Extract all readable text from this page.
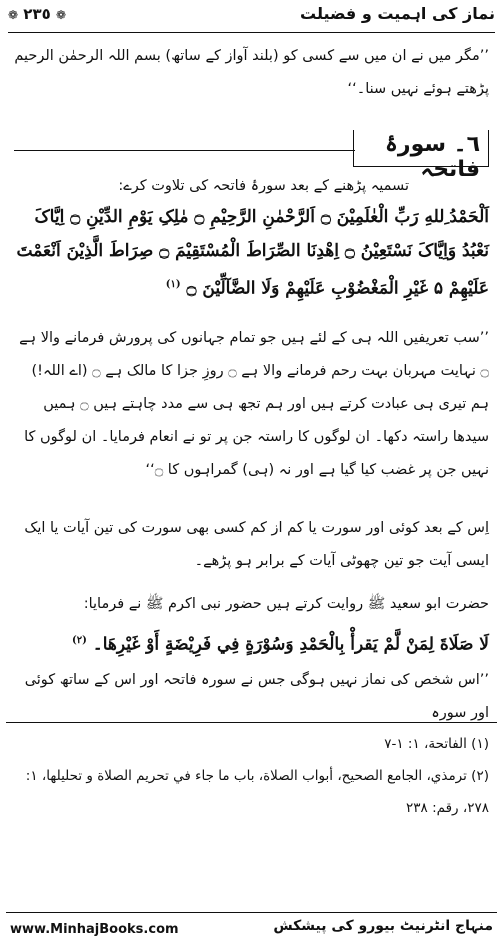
❁ ٢٣٥ ❁	نماز کی اہمیت و فضیلت
’’مگر میں نے ان میں سے کسی کو (بلند آواز کے ساتھ) بسم اللہ الرحمٰن الرحیم پڑھتے ہوئے نہیں سنا۔‘‘
٦۔ سورۂ فاتحہ
تسمیہ پڑھنے کے بعد سورۂ فاتحہ کی تلاوت کرے:
اَلْحَمْدُ ِللهِ رَبِّ الْعٰلَمِیْنَ ۝ اَلرَّحْمٰنِ الرَّحِیْمِ ۝ مٰلِکِ یَوْمِ الدِّیْنِ ۝ اِیَّاکَ نَعْبُدُ وَاِیَّاکَ نَسْتَعِیْنُ ۝ اِهْدِنَا الصِّرَاطَ الْمُسْتَقِیْمَ ۝ صِرَاطَ الَّذِیْنَ اَنْعَمْتَ عَلَیْهِمْ ۵ غَیْرِ الْمَغْضُوْبِ عَلَیْهِمْ وَلَا الضَّآلِّیْنَ ۝ $^{(١)}$
’’سب تعریفیں اللہ ہی کے لئے ہیں جو تمام جہانوں کی پرورش فرمانے والا ہے ۝ نہایت مہربان بہت رحم فرمانے والا ہے ۝ روزِ جزا کا مالک ہے ۝ (اے اللہ!) ہم تیری ہی عبادت کرتے ہیں اور ہم تجھ ہی سے مدد چاہتے ہیں ۝ ہمیں سیدھا راستہ دکھا۔ ان لوگوں کا راستہ جن پر تو نے انعام فرمایا۔ ان لوگوں کا نہیں جن پر غضب کیا گیا ہے اور نہ (ہی) گمراہوں کا ۝‘‘
اِس کے بعد کوئی اور سورت یا کم از کم کسی بھی سورت کی تین آیات یا ایک ایسی آیت جو تین چھوٹی آیات کے برابر ہو پڑھے۔
حضرت ابو سعید ﷺ روایت کرتے ہیں حضور نبی اکرم ﷺ نے فرمایا:
لَا صَلَاةَ لِمَنْ لَّمْ یَقرأْ بِالْحَمْدِ وَسُوْرَةٍ فِي فَرِیْضَةٍ أَوْ غَیْرِهَا۔ $^{(٢)}$
’’اس شخص کی نماز نہیں ہوگی جس نے سورہ فاتحہ اور اس کے ساتھ کوئی اور سورہ
(١) الفاتحة، ١: ١-٧
(٢) ترمذي، الجامع الصحیح، أبواب الصلاة، باب ما جاء في تحریم الصلاة و تحلیلها، ١: ٢٧٨، رقم: ٢٣٨
www.MinhajBooks.com	منہاج انٹرنیٹ بیورو کی پیشکش
